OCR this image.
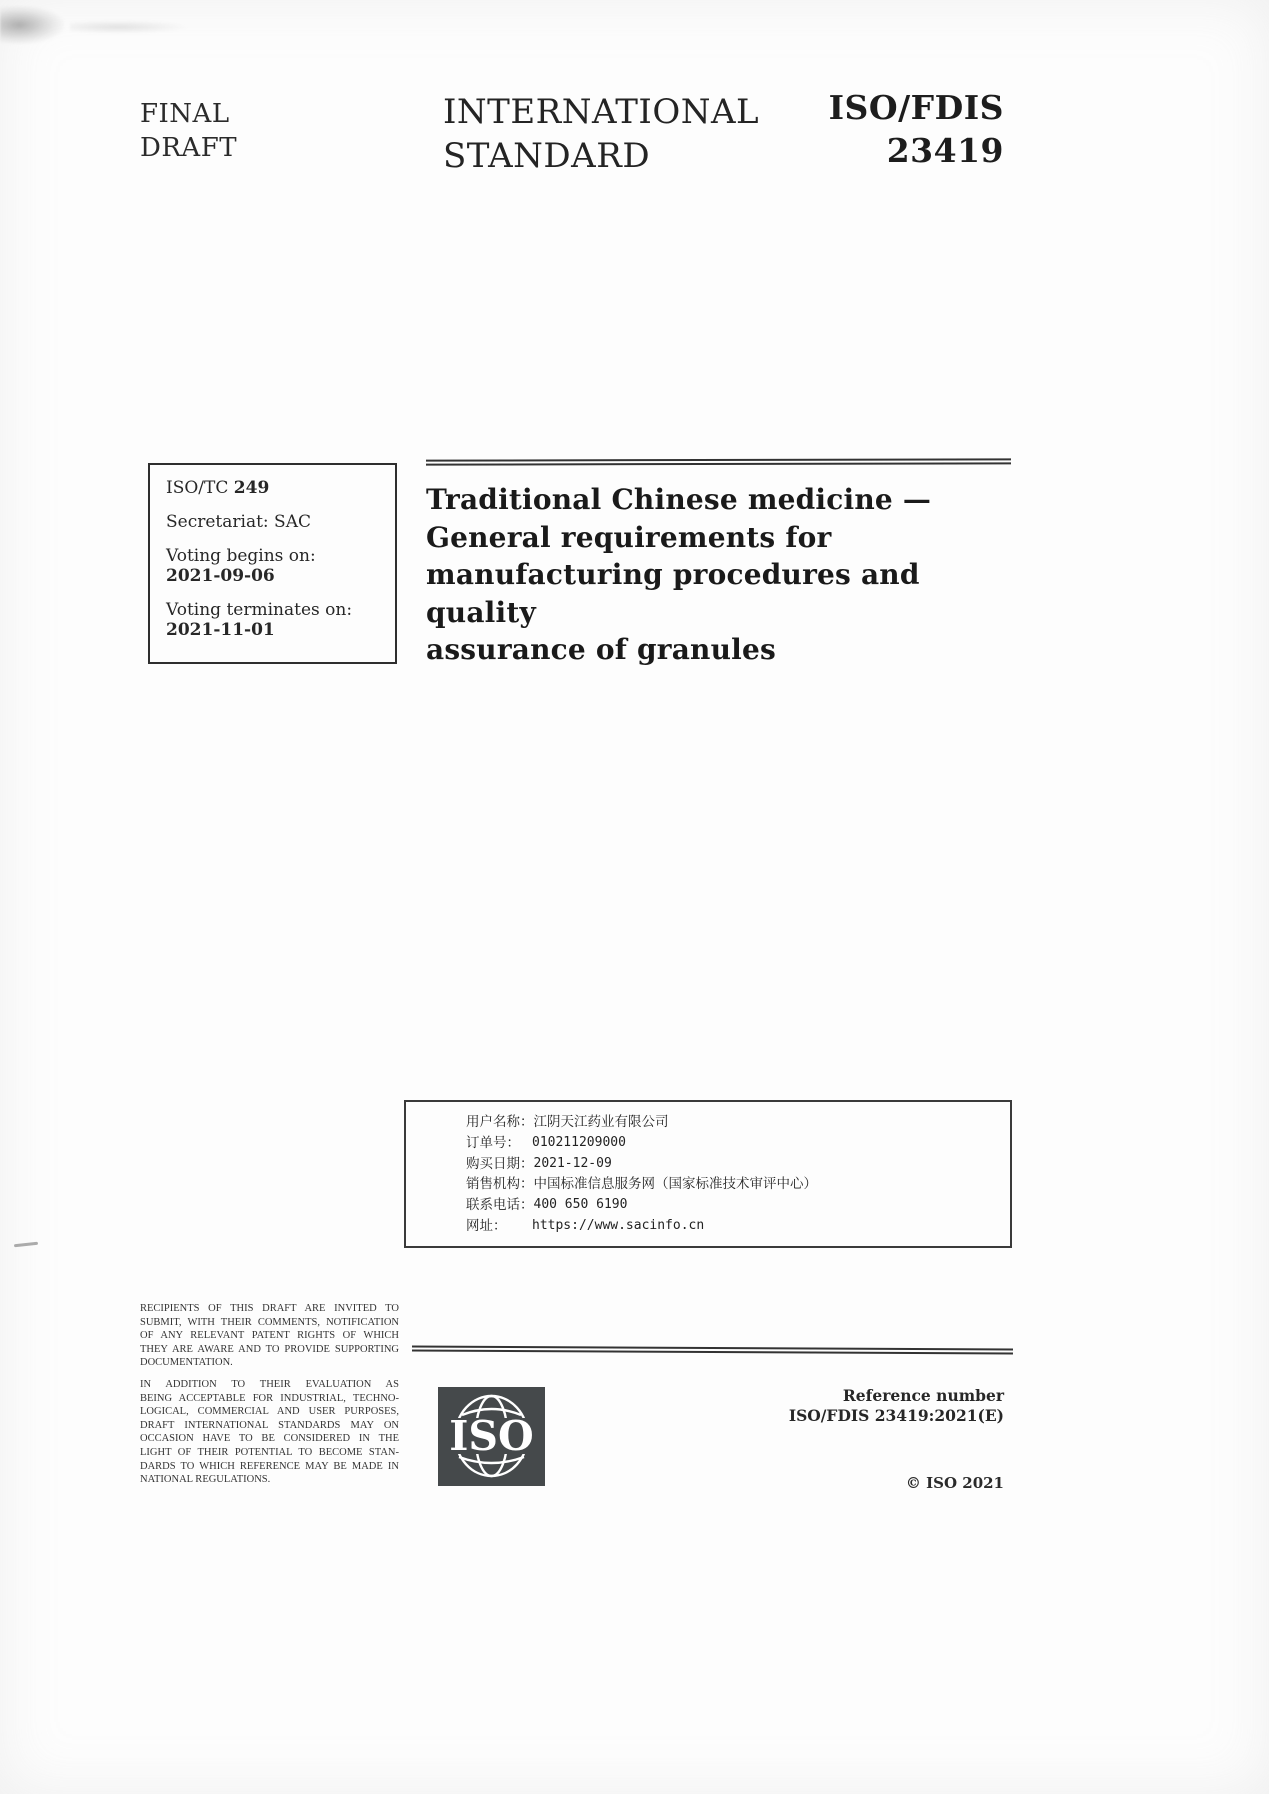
FINAL
DRAFT
INTERNATIONAL
STANDARD
ISO/FDIS
23419
ISO/TC 249
Secretariat: SAC
Voting begins on:
2021-09-06
Voting terminates on:
2021-11-01
Traditional Chinese medicine —
General requirements for
manufacturing procedures and quality
assurance of granules
用户名称： 江阴天江药业有限公司
订单号： 010211209000
购买日期： 2021-12-09
销售机构： 中国标准信息服务网（国家标准技术审评中心）
联系电话： 400 650 6190
网址：	https://www.sacinfo.cn
RECIPIENTS OF THIS DRAFT ARE INVITED TO
SUBMIT, WITH THEIR COMMENTS, NOTIFICATION
OF ANY RELEVANT PATENT RIGHTS OF WHICH
THEY ARE AWARE AND TO PROVIDE SUPPORTING
DOCUMENTATION.
IN ADDITION TO THEIR EVALUATION AS
BEING ACCEPTABLE FOR INDUSTRIAL, TECHNO-
LOGICAL, COMMERCIAL AND USER PURPOSES,
DRAFT INTERNATIONAL STANDARDS MAY ON
OCCASION HAVE TO BE CONSIDERED IN THE
LIGHT OF THEIR POTENTIAL TO BECOME STAN-
DARDS TO WHICH REFERENCE MAY BE MADE IN
NATIONAL REGULATIONS.
ISO
Reference number
ISO/FDIS 23419:2021(E)
© ISO 2021
